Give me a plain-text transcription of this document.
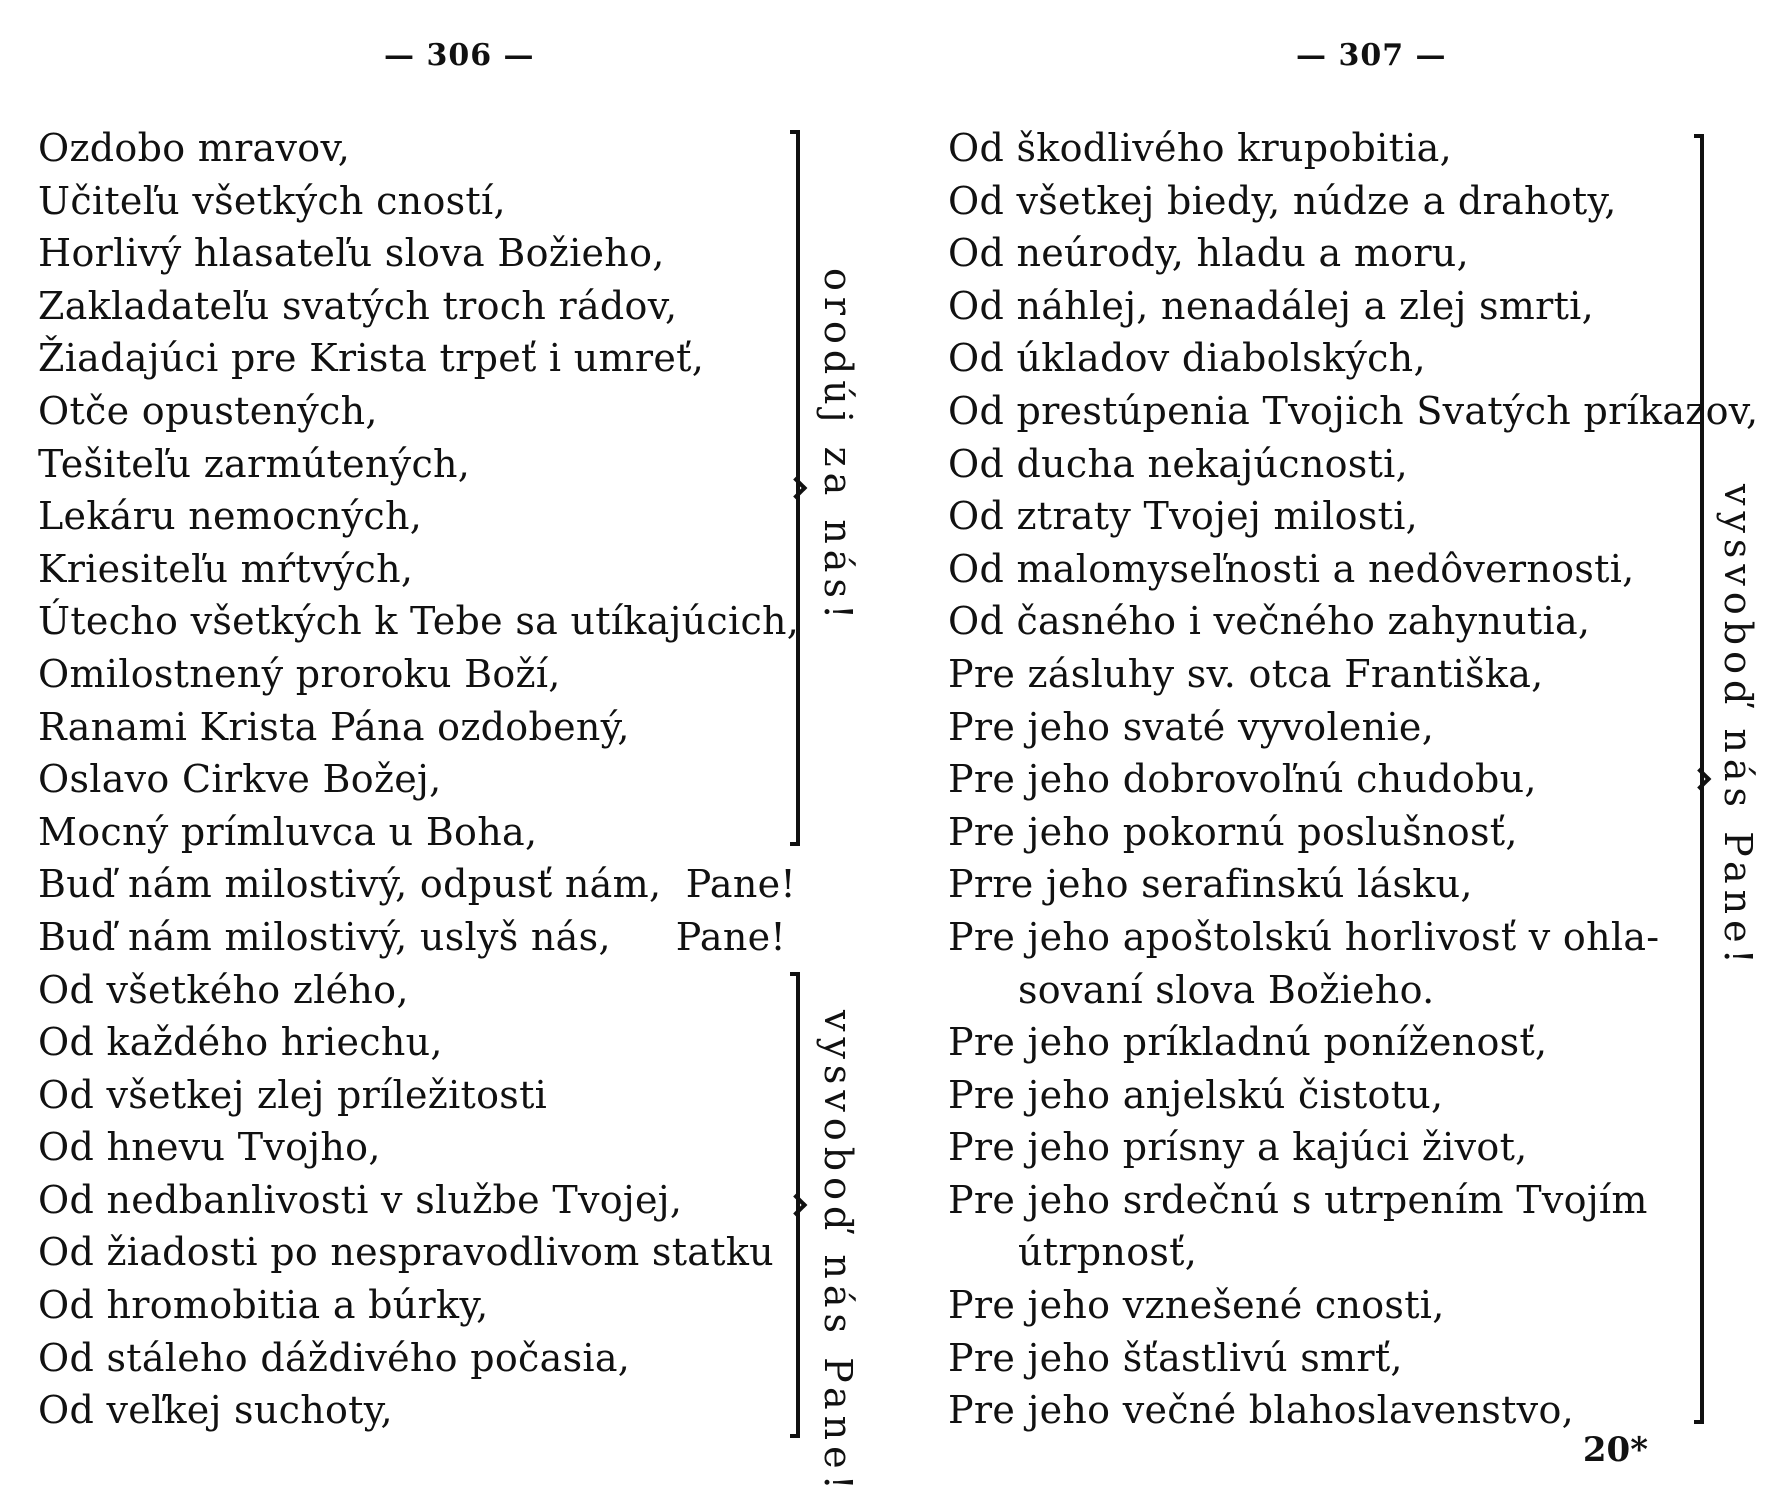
— 306 —
Ozdobo mravov,
Učiteľu všetkých cností,
Horlivý hlasateľu slova Božieho,
Zakladateľu svatých troch rádov,
Žiadajúci pre Krista trpeť i umreť,
Otče opustených,
Tešiteľu zarmútených,
Lekáru nemocných,
Kriesiteľu mŕtvých,
Útecho všetkých k Tebe sa utíkajúcich,
Omilostnený proroku Boží,
Ranami Krista Pána ozdobený,
Oslavo Cirkve Božej,
Mocný prímluvca u Boha,
Buď nám milostivý, odpusť nám, Pane!
Buď nám milostivý, uslyš nás, Pane!
Od všetkého zlého,
Od každého hriechu,
Od všetkej zlej príležitosti
Od hnevu Tvojho,
Od nedbanlivosti v službe Tvojej,
Od žiadosti po nespravodlivom statku
Od hromobitia a búrky,
Od stáleho dáždivého počasia,
Od veľkej suchoty,
orodúj za nás!
vysvoboď nás Pane!
— 307 —
Od škodlivého krupobitia,
Od všetkej biedy, núdze a drahoty,
Od neúrody, hladu a moru,
Od náhlej, nenadálej a zlej smrti,
Od úkladov diabolských,
Od prestúpenia Tvojich Svatých príkazov,
Od ducha nekajúcnosti,
Od ztraty Tvojej milosti,
Od malomyseľnosti a nedôvernosti,
Od časného i večného zahynutia,
Pre zásluhy sv. otca Františka,
Pre jeho svaté vyvolenie,
Pre jeho dobrovoľnú chudobu,
Pre jeho pokornú poslušnosť,
Prre jeho serafinskú lásku,
Pre jeho apoštolskú horlivosť v ohla-
sovaní slova Božieho.
Pre jeho príkladnú poníženosť,
Pre jeho anjelskú čistotu,
Pre jeho prísny a kajúci život,
Pre jeho srdečnú s utrpením Tvojím
útrpnosť,
Pre jeho vznešené cnosti,
Pre jeho šťastlivú smrť,
Pre jeho večné blahoslavenstvo,
vysvoboď nás Pane!
20*
